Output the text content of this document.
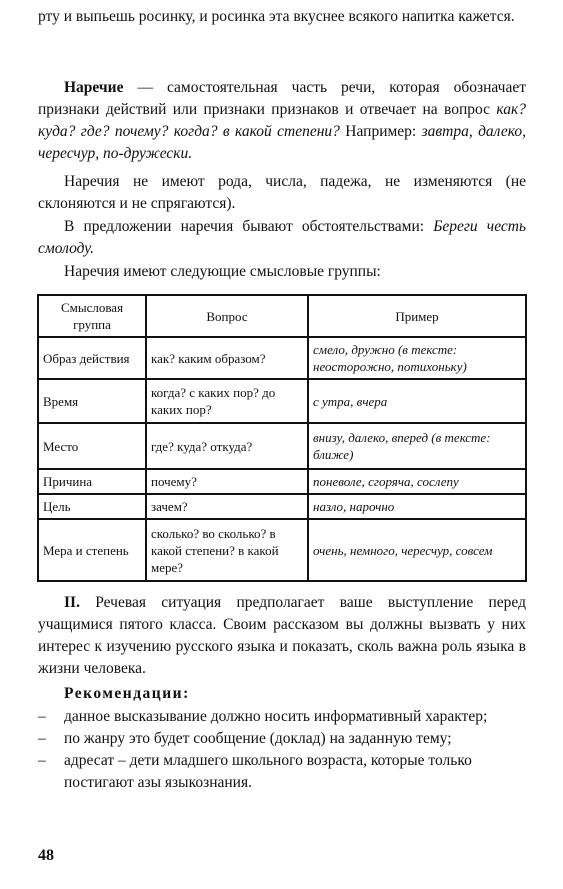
рту и выпьешь росинку, и росинка эта вкуснее всякого напитка кажется.
Наречие — самостоятельная часть речи, которая обозначает признаки действий или признаки признаков и отвечает на вопрос как? куда? где? почему? когда? в какой степени? Например: завтра, далеко, чересчур, по-дружески.
Наречия не имеют рода, числа, падежа, не изменяются (не склоняются и не спрягаются).
В предложении наречия бывают обстоятельствами: Береги честь смолоду.
Наречия имеют следующие смысловые группы:
Смысловая группа	Вопрос	Пример
Образ действия	как? каким образом?	смело, дружно (в тексте: неосторожно, потихоньку)
Время	когда? с каких пор? до каких пор?	с утра, вчера
Место	где? куда? откуда?	внизу, далеко, вперед (в тексте: ближе)
Причина	почему?	поневоле, сгоряча, сослепу
Цель	зачем?	назло, нарочно
Мера и степень	сколько? во сколько? в какой степени? в какой мере?	очень, немного, чересчур, совсем
II. Речевая ситуация предполагает ваше выступление перед учащимися пятого класса. Своим рассказом вы должны вызвать у них интерес к изучению русского языка и показать, сколь важна роль языка в жизни человека.
Рекомендации:
– данное высказывание должно носить информативный характер;
– по жанру это будет сообщение (доклад) на заданную тему;
– адресат – дети младшего школьного возраста, которые только постигают азы языкознания.
48
